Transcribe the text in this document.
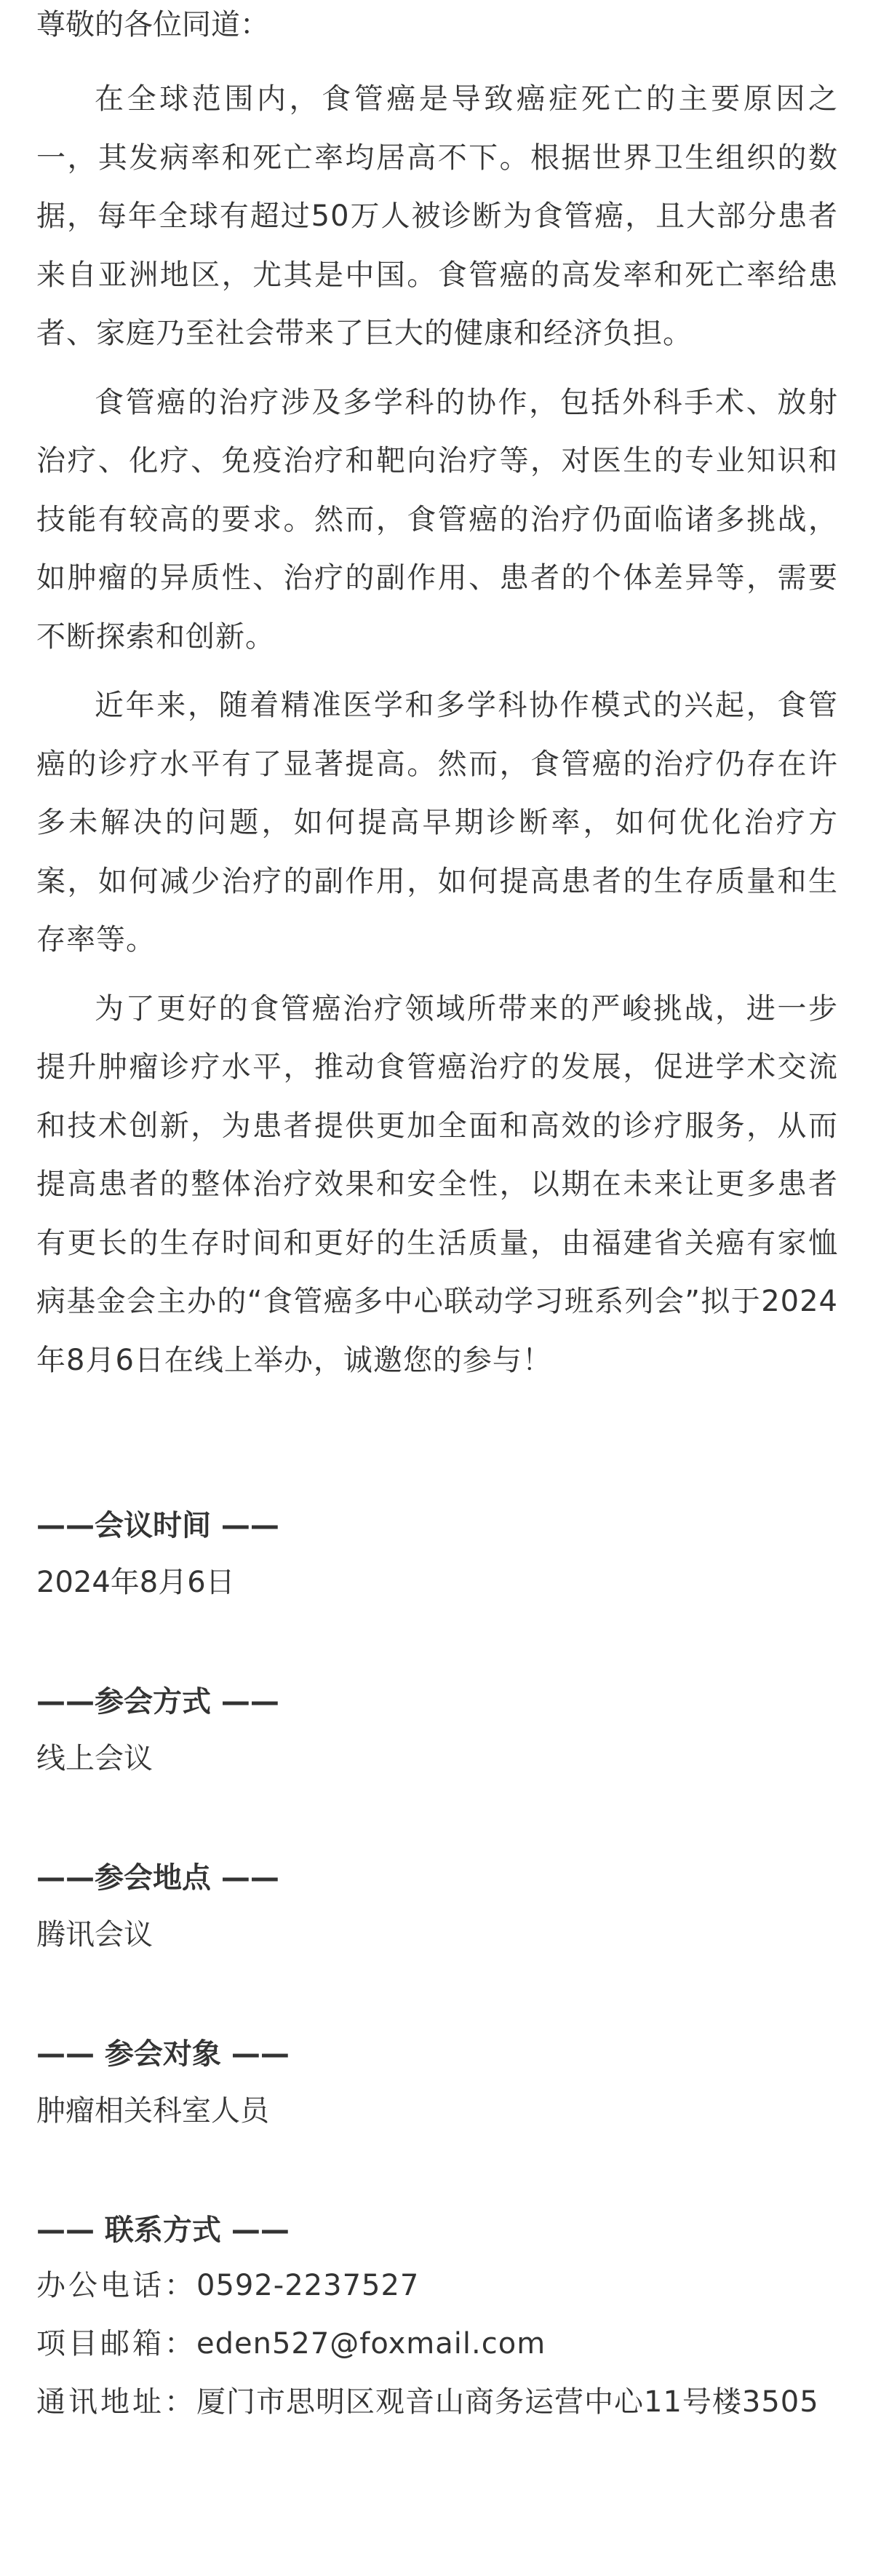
尊敬的各位同道：

在全球范围内，食管癌是导致癌症死亡的主要原因之一，其发病率和死亡率均居高不下。根据世界卫生组织的数据，每年全球有超过50万人被诊断为食管癌，且大部分患者来自亚洲地区，尤其是中国。食管癌的高发率和死亡率给患者、家庭乃至社会带来了巨大的健康和经济负担。

食管癌的治疗涉及多学科的协作，包括外科手术、放射治疗、化疗、免疫治疗和靶向治疗等，对医生的专业知识和技能有较高的要求。然而，食管癌的治疗仍面临诸多挑战，如肿瘤的异质性、治疗的副作用、患者的个体差异等，需要不断探索和创新。

近年来，随着精准医学和多学科协作模式的兴起，食管癌的诊疗水平有了显著提高。然而，食管癌的治疗仍存在许多未解决的问题，如何提高早期诊断率，如何优化治疗方案，如何减少治疗的副作用，如何提高患者的生存质量和生存率等。

为了更好的食管癌治疗领域所带来的严峻挑战，进一步提升肿瘤诊疗水平，推动食管癌治疗的发展，促进学术交流和技术创新，为患者提供更加全面和高效的诊疗服务，从而提高患者的整体治疗效果和安全性，以期在未来让更多患者有更长的生存时间和更好的生活质量，由福建省关癌有家恤病基金会主办的“食管癌多中心联动学习班系列会”拟于2024年8月6日在线上举办，诚邀您的参与！

——会议时间 ——
2024年8月6日
——参会方式 ——
线上会议
——参会地点 ——
腾讯会议
—— 参会对象 ——
肿瘤相关科室人员
—— 联系方式 ——
办公电话：0592-2237527
项目邮箱：eden527@foxmail.com
通讯地址：厦门市思明区观音山商务运营中心11号楼3505
